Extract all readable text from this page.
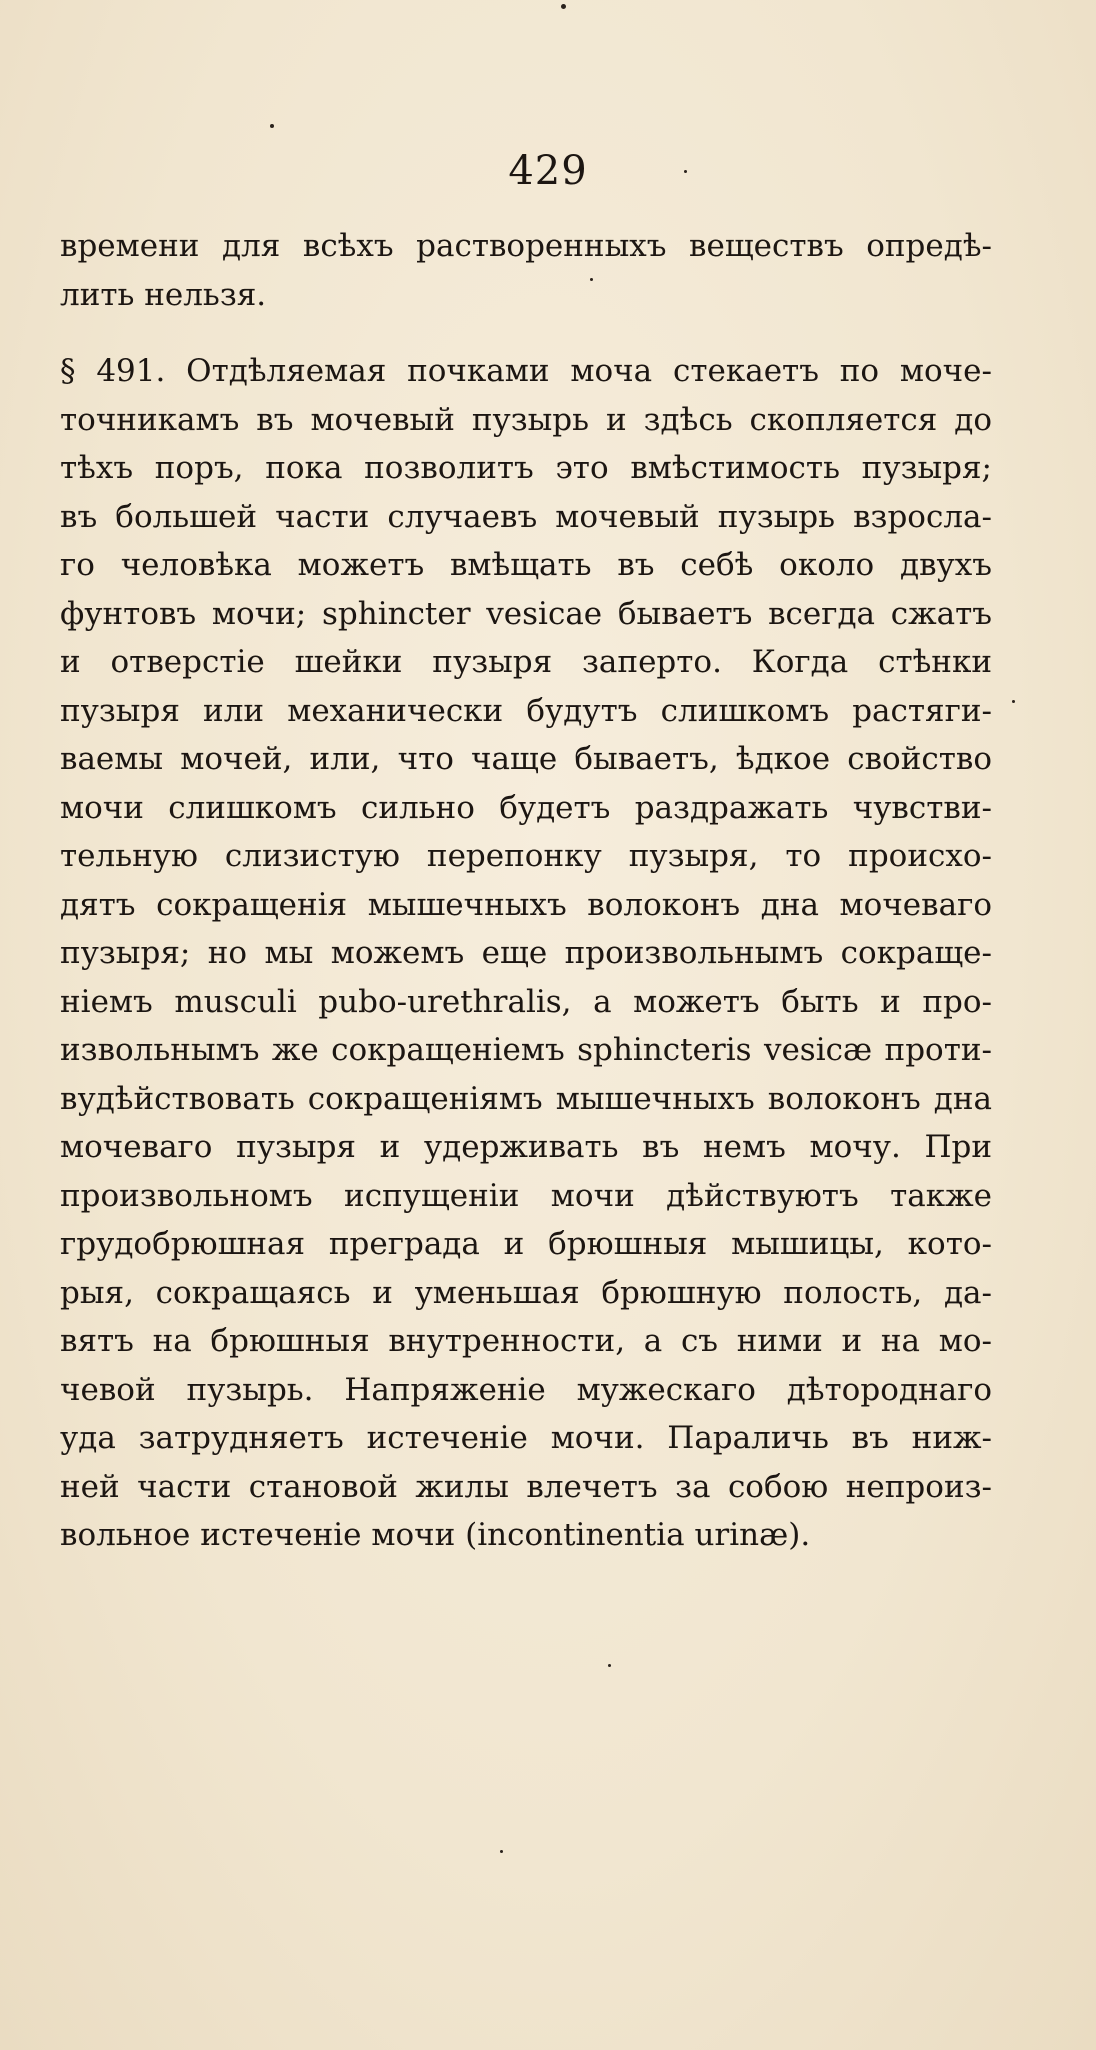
429
времени для всѣхъ растворенныхъ веществъ опредѣ-
лить нельзя.
§ 491. Отдѣляемая почками моча стекаетъ по моче-
точникамъ въ мочевый пузырь и здѣсь скопляется до
тѣхъ поръ, пока позволитъ это вмѣстимость пузыря;
въ большей части случаевъ мочевый пузырь взросла-
го человѣка можетъ вмѣщать въ себѣ около двухъ
фунтовъ мочи; sphincter vesicae бываетъ всегда сжатъ
и отверстіе шейки пузыря заперто. Когда стѣнки
пузыря или механически будутъ слишкомъ растяги-
ваемы мочей, или, что чаще бываетъ, ѣдкое свойство
мочи слишкомъ сильно будетъ раздражать чувстви-
тельную слизистую перепонку пузыря, то происхо-
дятъ сокращенія мышечныхъ волоконъ дна мочеваго
пузыря; но мы можемъ еще произвольнымъ сокраще-
ніемъ musculi pubo-urethralis, а можетъ быть и про-
извольнымъ же сокращеніемъ sphincteris vesicæ проти-
вудѣйствовать сокращеніямъ мышечныхъ волоконъ дна
мочеваго пузыря и удерживать въ немъ мочу. При
произвольномъ испущеніи мочи дѣйствуютъ также
грудобрюшная преграда и брюшныя мышицы, кото-
рыя, сокращаясь и уменьшая брюшную полость, да-
вятъ на брюшныя внутренности, а съ ними и на мо-
чевой пузырь. Напряженіе мужескаго дѣтороднаго
уда затрудняетъ истеченіе мочи. Параличь въ ниж-
ней части становой жилы влечетъ за собою непроиз-
вольное истеченіе мочи (incontinentia urinæ).
